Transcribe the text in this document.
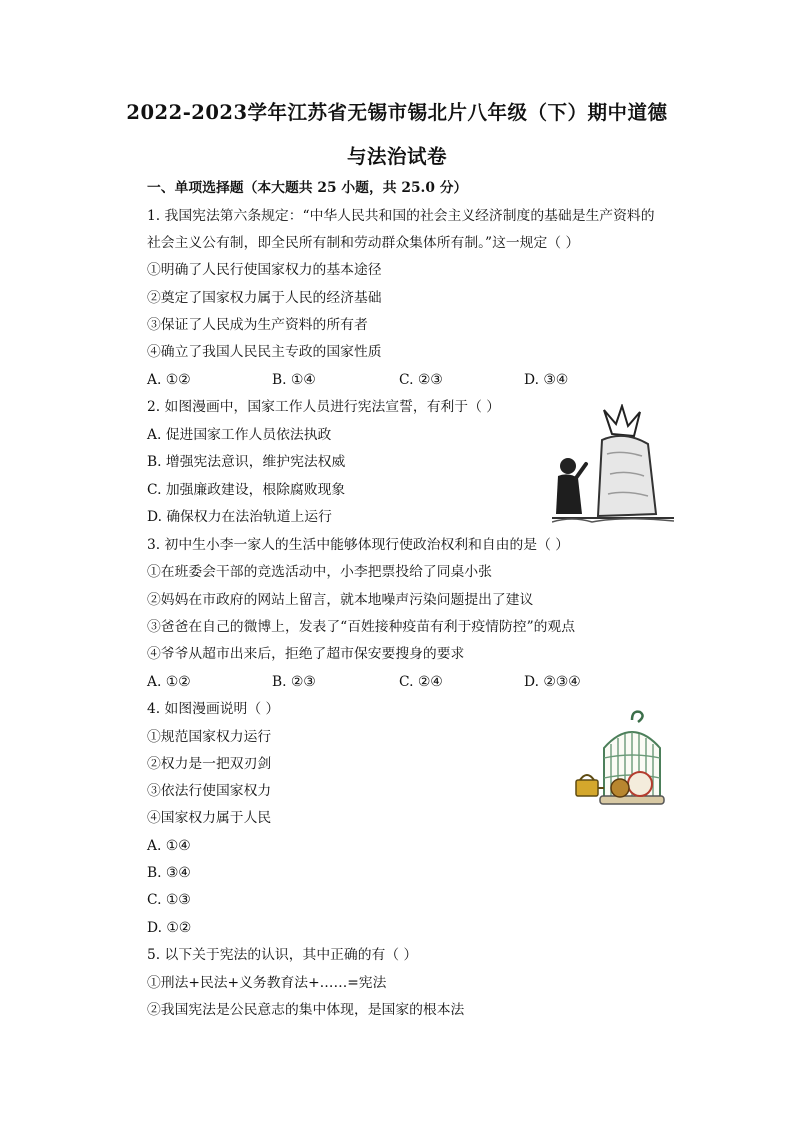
2022-2023学年江苏省无锡市锡北片八年级（下）期中道德
与法治试卷
一、单项选择题（本大题共 25 小题，共 25.0 分）
1. 我国宪法第六条规定：“中华人民共和国的社会主义经济制度的基础是生产资料的
社会主义公有制，即全民所有制和劳动群众集体所有制。”这一规定（ ）
①明确了人民行使国家权力的基本途径
②奠定了国家权力属于人民的经济基础
③保证了人民成为生产资料的所有者
④确立了我国人民民主专政的国家性质
A. ①②	B. ①④	C. ②③	D. ③④
2. 如图漫画中，国家工作人员进行宪法宣誓，有利于（ ）
A. 促进国家工作人员依法执政
B. 增强宪法意识，维护宪法权威
C. 加强廉政建设，根除腐败现象
D. 确保权力在法治轨道上运行
3. 初中生小李一家人的生活中能够体现行使政治权利和自由的是（ ）
①在班委会干部的竞选活动中，小李把票投给了同桌小张
②妈妈在市政府的网站上留言，就本地噪声污染问题提出了建议
③爸爸在自己的微博上，发表了“百姓接种疫苗有利于疫情防控”的观点
④爷爷从超市出来后，拒绝了超市保安要搜身的要求
A. ①②	B. ②③	C. ②④	D. ②③④
4. 如图漫画说明（ ）
①规范国家权力运行
②权力是一把双刃剑
③依法行使国家权力
④国家权力属于人民
A. ①④
B. ③④
C. ①③
D. ①②
5. 以下关于宪法的认识，其中正确的有（ ）
①刑法+民法+义务教育法+……=宪法
②我国宪法是公民意志的集中体现，是国家的根本法
